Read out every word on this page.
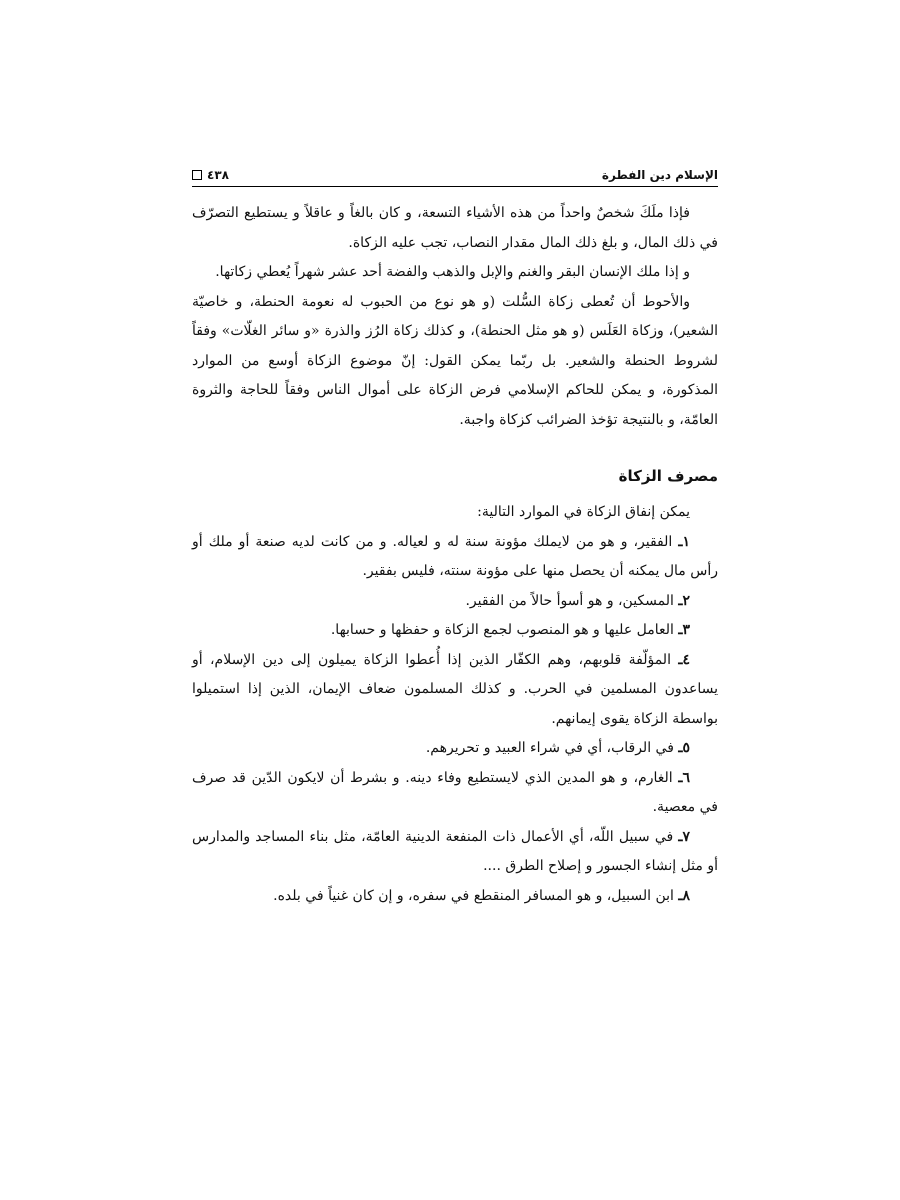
الإسلام دين الفطرة
٤٣٨

فإذا ملَكَ شخصٌ واحداً من هذه الأشياء التسعة، و كان بالغاً و عاقلاً و يستطيع التصرّف في ذلك المال، و بلغ ذلك المال مقدار النصاب، تجب عليه الزكاة.

و إذا ملك الإنسان البقر والغنم والإبل والذهب والفضة أحد عشر شهراً يُعطي زكاتها.

والأحوط أن تُعطى زكاة السُّلت (و هو نوع من الحبوب له نعومة الحنطة، و خاصيّة الشعير)، وزكاة العَلَس (و هو مثل الحنطة)، و كذلك زكاة الرُز والذرة «و سائر الغلّات» وفقاً لشروط الحنطة والشعير. بل ربّما يمكن القول: إنّ موضوع الزكاة أوسع من الموارد المذكورة، و يمكن للحاكم الإسلامي فرض الزكاة على أموال الناس وفقاً للحاجة والثروة العامّة، و بالنتيجة تؤخذ الضرائب كزكاة واجبة.

مصرف الزكاة

يمكن إنفاق الزكاة في الموارد التالية:

١ـ الفقير، و هو من لايملك مؤونة سنة له و لعياله. و من كانت لديه صنعة أو ملك أو رأس مال يمكنه أن يحصل منها على مؤونة سنته، فليس بفقير.

٢ـ المسكين، و هو أسوأ حالاً من الفقير.

٣ـ العامل عليها و هو المنصوب لجمع الزكاة و حفظها و حسابها.

٤ـ المؤلّفة قلوبهم، وهم الكفّار الذين إذا أُعطوا الزكاة يميلون إلى دين الإسلام، أو يساعدون المسلمين في الحرب. و كذلك المسلمون ضعاف الإيمان، الذين إذا استميلوا بواسطة الزكاة يقوى إيمانهم.

٥ـ في الرقاب، أي في شراء العبيد و تحريرهم.

٦ـ الغارم، و هو المدين الذي لايستطيع وفاء دينه. و بشرط أن لايكون الدّين قد صرف في معصية.

٧ـ في سبيل اللّه، أي الأعمال ذات المنفعة الدينية العامّة، مثل بناء المساجد والمدارس أو مثل إنشاء الجسور و إصلاح الطرق ....

٨ـ ابن السبيل، و هو المسافر المنقطع في سفره، و إن كان غنياً في بلده.
